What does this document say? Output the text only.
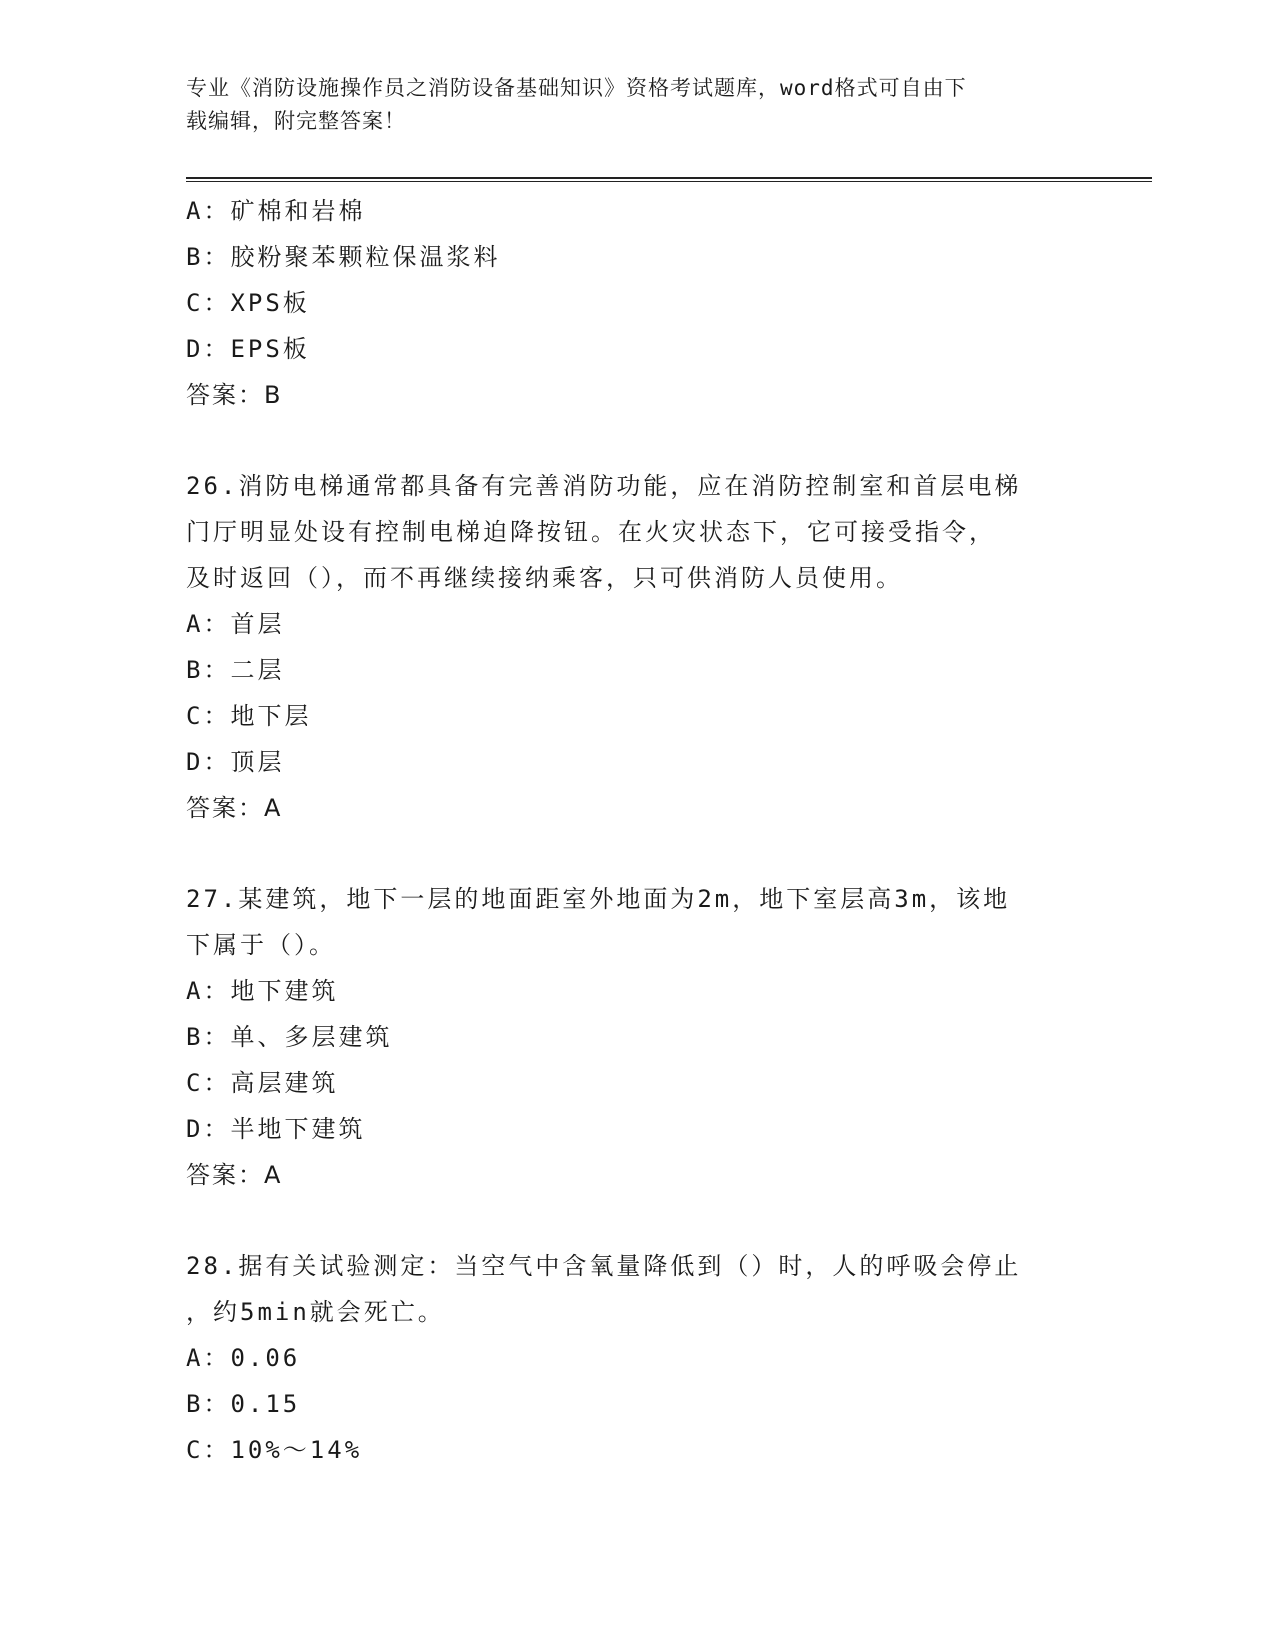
专业《消防设施操作员之消防设备基础知识》资格考试题库，word格式可自由下
载编辑，附完整答案！
A：矿棉和岩棉
B：胶粉聚苯颗粒保温浆料
C：XPS板
D：EPS板
答案：B
26.消防电梯通常都具备有完善消防功能，应在消防控制室和首层电梯
门厅明显处设有控制电梯迫降按钮。在火灾状态下，它可接受指令，
及时返回（），而不再继续接纳乘客，只可供消防人员使用。
A：首层
B：二层
C：地下层
D：顶层
答案：A
27.某建筑，地下一层的地面距室外地面为2m，地下室层高3m，该地
下属于（）。
A：地下建筑
B：单、多层建筑
C：高层建筑
D：半地下建筑
答案：A
28.据有关试验测定：当空气中含氧量降低到（）时，人的呼吸会停止
，约5min就会死亡。
A：0.06
B：0.15
C：10%～14%
